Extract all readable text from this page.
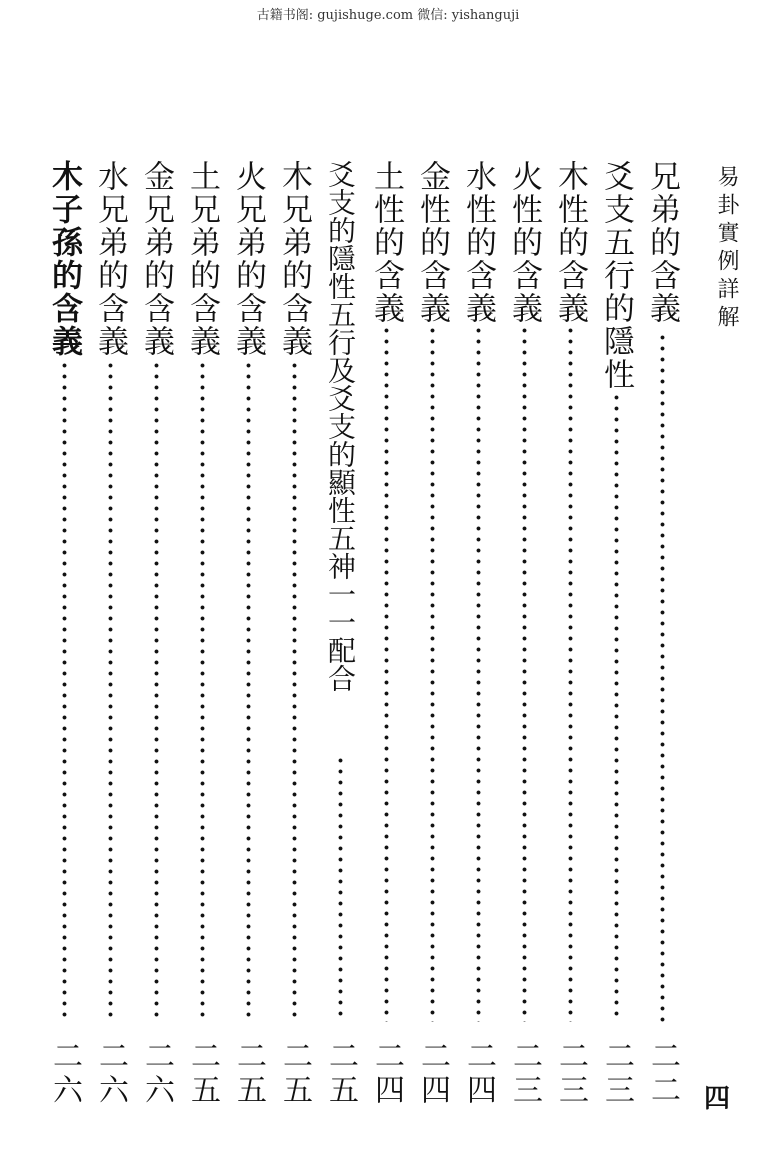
古籍书阁: gujishuge.com 微信: yishanguji
易卦實例詳解
四
兄弟的含義
二二
爻支五行的隱性
二三
木性的含義
二三
火性的含義
二三
水性的含義
二四
金性的含義
二四
土性的含義
二四
爻支的隱性五行及爻支的顯性五神一一配合
二五
木兄弟的含義
二五
火兄弟的含義
二五
土兄弟的含義
二五
金兄弟的含義
二六
水兄弟的含義
二六
木子孫的含義
二六
